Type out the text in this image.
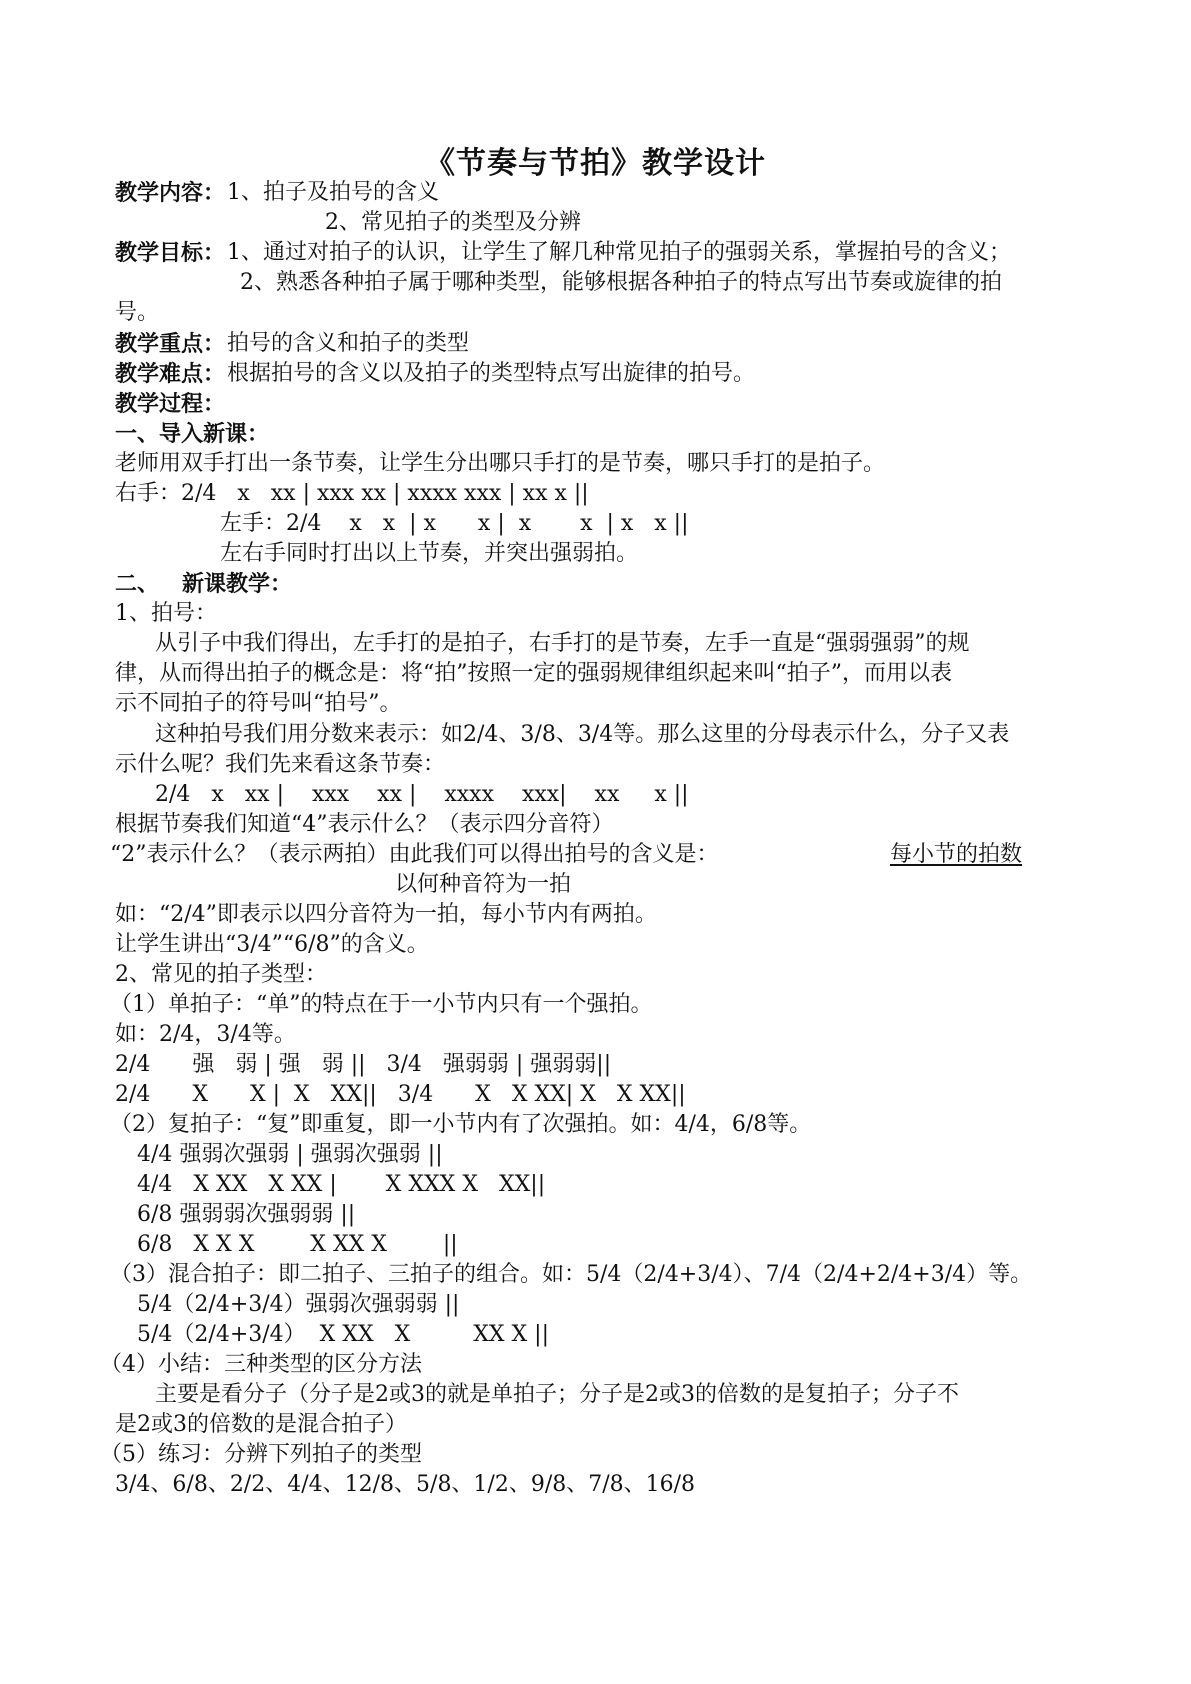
《节奏与节拍》教学设计
教学内容： 1、拍子及拍号的含义
2、常见拍子的类型及分辨
教学目标： 1、通过对拍子的认识，让学生了解几种常见拍子的强弱关系，掌握拍号的含义；
2、熟悉各种拍子属于哪种类型，能够根据各种拍子的特点写出节奏或旋律的拍
号。
教学重点： 拍号的含义和拍子的类型
教学难点： 根据拍号的含义以及拍子的类型特点写出旋律的拍号。
教学过程：
一、导入新课：
老师用双手打出一条节奏，让学生分出哪只手打的是节奏，哪只手打的是拍子。
右手：2/4   x   xx | xxx xx | xxxx xxx | xx x ||
左手：2/4    x   x  | x      x |  x       x  | x   x ||
左右手同时打出以上节奏，并突出强弱拍。
二、   新课教学：
1、拍号：
从引子中我们得出，左手打的是拍子，右手打的是节奏，左手一直是“强弱强弱”的规
律，从而得出拍子的概念是：将“拍”按照一定的强弱规律组织起来叫“拍子”，而用以表
示不同拍子的符号叫“拍号”。
这种拍号我们用分数来表示：如2/4、3/8、3/4等。那么这里的分母表示什么，分子又表
示什么呢？我们先来看这条节奏：
2/4   x   xx |    xxx    xx |    xxxx    xxx|    xx     x ||
根据节奏我们知道“4”表示什么？（表示四分音符）
“2”表示什么？（表示两拍）由此我们可以得出拍号的含义是：	每小节的拍数
以何种音符为一拍
如：“2/4”即表示以四分音符为一拍，每小节内有两拍。
让学生讲出“3/4”“6/8”的含义。
2、常见的拍子类型：
（1）单拍子：“单”的特点在于一小节内只有一个强拍。
如：2/4，3/4等。
2/4      强   弱 | 强   弱 ||   3/4   强弱弱 | 强弱弱||
2/4      X      X |  X   XX||   3/4      X   X XX| X   X XX||
（2）复拍子：“复”即重复，即一小节内有了次强拍。如：4/4，6/8等。
4/4 强弱次强弱 | 强弱次强弱 ||
4/4   X XX   X XX |       X XXX X   XX||
6/8 强弱弱次强弱弱 ||
6/8   X X X        X XX X        ||
（3）混合拍子：即二拍子、三拍子的组合。如：5/4（2/4+3/4）、7/4（2/4+2/4+3/4）等。
5/4（2/4+3/4）强弱次强弱弱 ||
5/4（2/4+3/4）  X XX   X         XX X ||
（4）小结：三种类型的区分方法
主要是看分子（分子是2或3的就是单拍子；分子是2或3的倍数的是复拍子；分子不
是2或3的倍数的是混合拍子）
（5）练习：分辨下列拍子的类型
3/4、6/8、2/2、4/4、12/8、5/8、1/2、9/8、7/8、16/8
